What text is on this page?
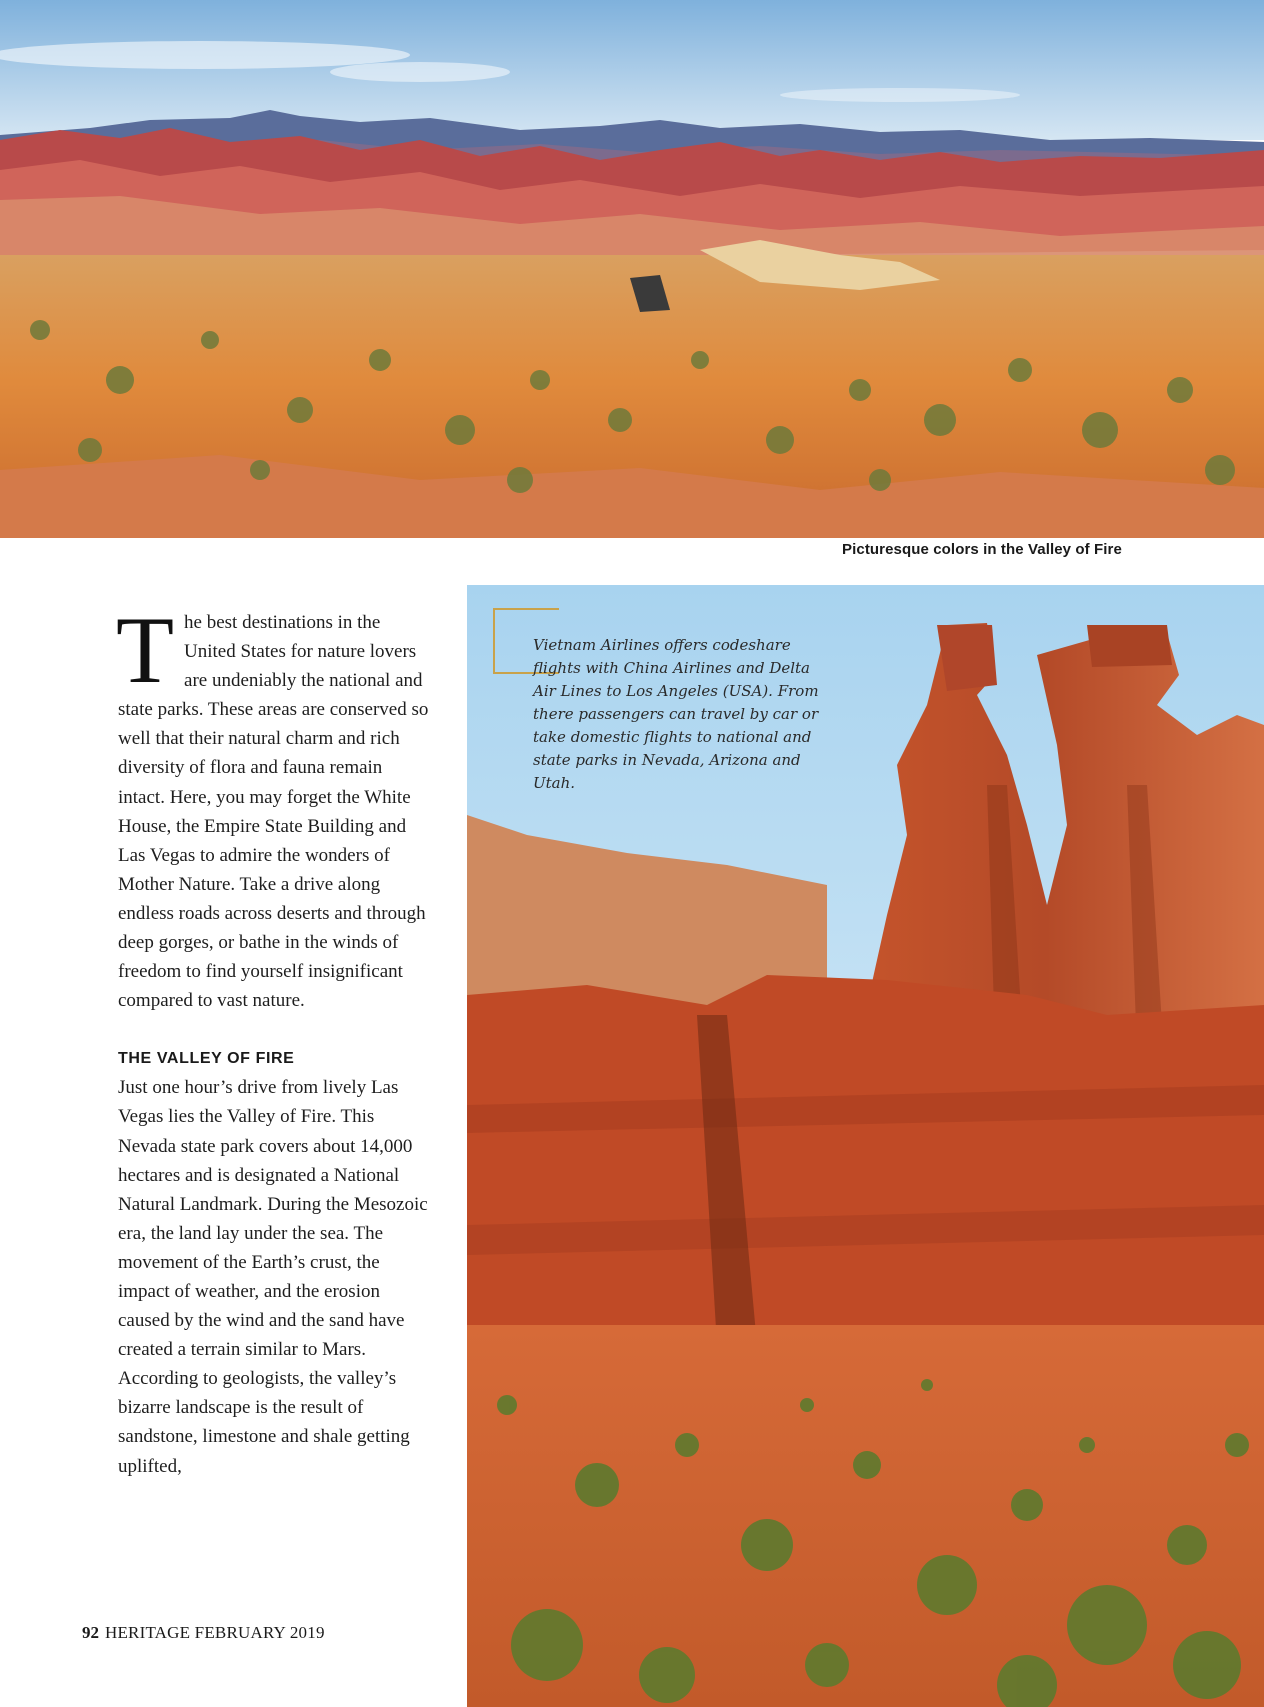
Picturesque colors in the Valley of Fire
Vietnam Airlines offers codeshare flights with China Airlines and Delta Air Lines to Los Angeles (USA). From there passengers can travel by car or take domestic flights to national and state parks in Nevada, Arizona and Utah.

The best destinations in the United States for nature lovers are undeniably the national and state parks. These areas are conserved so well that their natural charm and rich diversity of flora and fauna remain intact. Here, you may forget the White House, the Empire State Building and Las Vegas to admire the wonders of Mother Nature. Take a drive along endless roads across deserts and through deep gorges, or bathe in the winds of freedom to find yourself insignificant compared to vast nature.

THE VALLEY OF FIRE

Just one hour’s drive from lively Las Vegas lies the Valley of Fire. This Nevada state park covers about 14,000 hectares and is designated a National Natural Landmark. During the Mesozoic era, the land lay under the sea. The movement of the Earth’s crust, the impact of weather, and the erosion caused by the wind and the sand have created a terrain similar to Mars. According to geologists, the valley’s bizarre landscape is the result of sandstone, limestone and shale getting uplifted,

92 HERITAGE FEBRUARY 2019
